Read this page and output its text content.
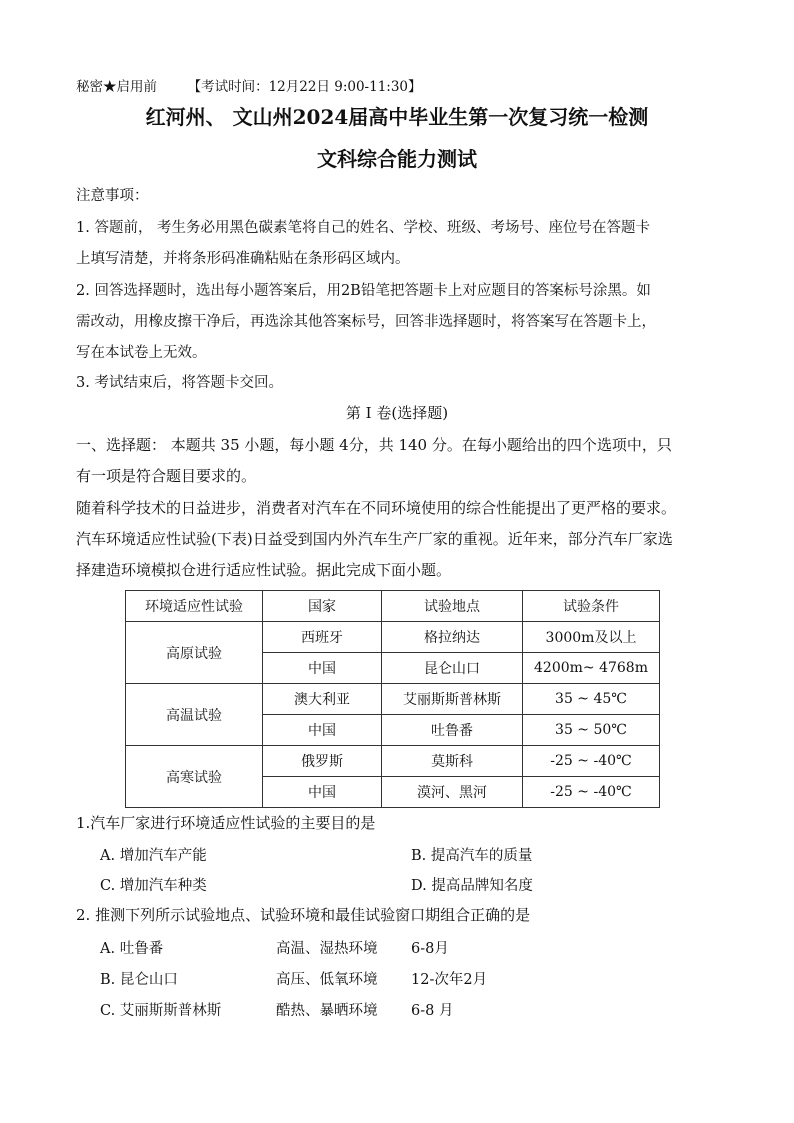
秘密★启用前 【考试时间：12月22日 9:00-11:30】
红河州、 文山州2024届高中毕业生第一次复习统一检测
文科综合能力测试
注意事项：
1. 答题前， 考生务必用黑色碳素笔将自己的姓名、学校、班级、考场号、座位号在答题卡
上填写清楚，并将条形码准确粘贴在条形码区域内。
2. 回答选择题时，选出每小题答案后，用2B铅笔把答题卡上对应题目的答案标号涂黑。如
需改动，用橡皮擦干净后，再选涂其他答案标号，回答非选择题时，将答案写在答题卡上，
写在本试卷上无效。
3. 考试结束后，将答题卡交回。
第 I 卷(选择题)
一、选择题： 本题共 35 小题，每小题 4分，共 140 分。在每小题给出的四个选项中，只
有一项是符合题目要求的。
随着科学技术的日益进步，消费者对汽车在不同环境使用的综合性能提出了更严格的要求。
汽车环境适应性试验(下表)日益受到国内外汽车生产厂家的重视。近年来，部分汽车厂家选
择建造环境模拟仓进行适应性试验。据此完成下面小题。
环境适应性试验	国家	试验地点	试验条件
高原试验	西班牙	格拉纳达	3000m及以上
	中国	昆仑山口	4200m~ 4768m
高温试验	澳大利亚	艾丽斯斯普林斯	35 ~ 45℃
	中国	吐鲁番	35 ~ 50℃
高寒试验	俄罗斯	莫斯科	-25 ~ -40℃
	中国	漠河、黑河	-25 ~ -40℃
1.汽车厂家进行环境适应性试验的主要目的是
A. 增加汽车产能	B. 提高汽车的质量
C. 增加汽车种类	D. 提高品牌知名度
2. 推测下列所示试验地点、试验环境和最佳试验窗口期组合正确的是
A. 吐鲁番	高温、湿热环境 6-8月
B. 昆仑山口	高压、低氧环境 12-次年2月
C. 艾丽斯斯普林斯	酷热、暴晒环境 6-8 月
